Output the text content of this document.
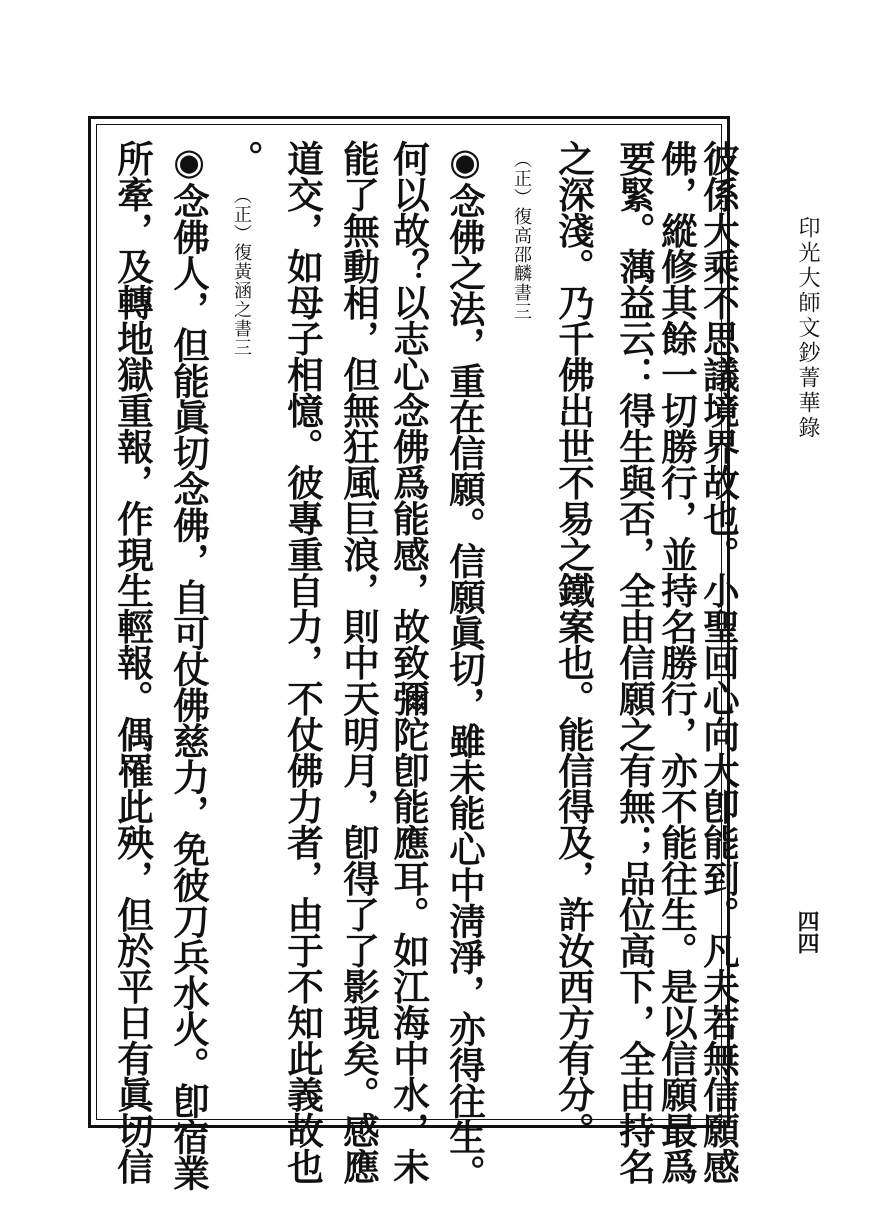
印光大師文鈔菁華錄
四四
彼係大乘不思議境界故也。小聖回心向大卽能到。凡夫若無信願感
佛，縱修其餘一切勝行，並持名勝行，亦不能往生。是以信願最爲
要緊。蕅益云：得生與否，全由信願之有無；品位高下，全由持名
之深淺。乃千佛出世不易之鐵案也。能信得及，許汝西方有分。
（正）復高邵麟書三
◉念佛之法，重在信願。信願眞切，雖未能心中淸淨，亦得往生。
何以故？以志心念佛爲能感，故致彌陀卽能應耳。如江海中水，未
能了無動相，但無狂風巨浪，則中天明月，卽得了了影現矣。感應
道交，如母子相憶。彼專重自力，不仗佛力者，由于不知此義故也
。
（正）復黃涵之書三
◉念佛人，但能眞切念佛，自可仗佛慈力，免彼刀兵水火。卽宿業
所牽，及轉地獄重報，作現生輕報。偶罹此殃，但於平日有眞切信
